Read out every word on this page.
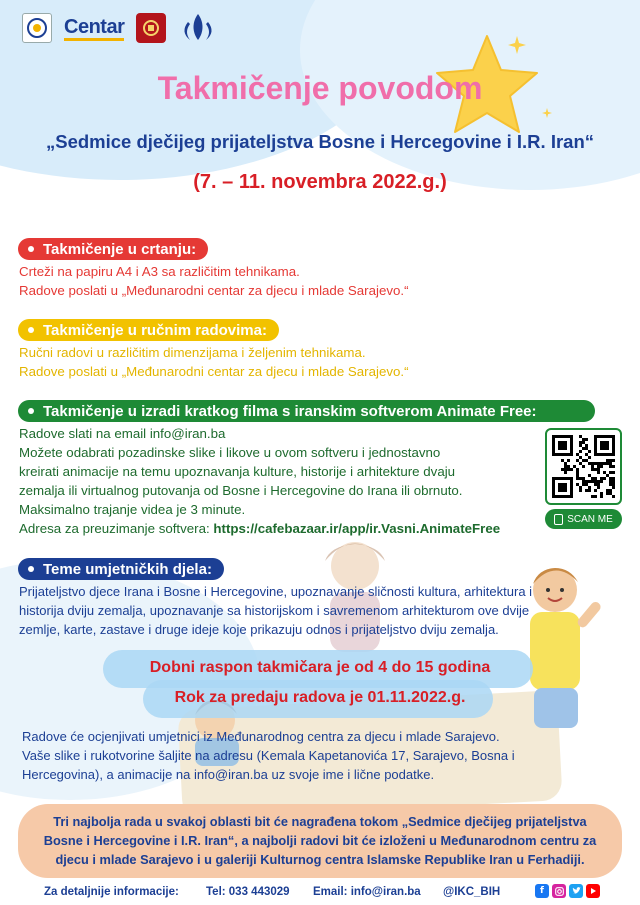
Centar
Takmičenje povodom
„Sedmice dječijeg prijateljstva Bosne i Hercegovine i I.R. Iran“
(7. – 11. novembra 2022.g.)
Takmičenje u crtanju:
Crteži na papiru A4 i A3 sa različitim tehnikama.
Radove poslati u „Međunarodni centar za djecu i mlade Sarajevo.“
Takmičenje u ručnim radovima:
Ručni radovi u različitim dimenzijama i željenim tehnikama.
Radove poslati u „Međunarodni centar za djecu i mlade Sarajevo.“
Takmičenje u izradi kratkog filma s iranskim softverom Animate Free:
Radove slati na email info@iran.ba
Možete odabrati pozadinske slike i likove u ovom softveru i jednostavno
kreirati animacije na temu upoznavanja kulture, historije i arhitekture dvaju
zemalja ili virtualnog putovanja od Bosne i Hercegovine do Irana ili obrnuto.
Maksimalno trajanje videa je 3 minute.
Adresa za preuzimanje softvera: https://cafebazaar.ir/app/ir.Vasni.AnimateFree
SCAN ME
Teme umjetničkih djela:
Prijateljstvo djece Irana i Bosne i Hercegovine, upoznavanje sličnosti kultura, arhitektura i
historija dviju zemalja, upoznavanje sa historijskom i savremenom arhitekturom ove dvije
zemlje, karte, zastave i druge ideje koje prikazuju odnos i prijateljstvo dviju zemalja.
Dobni raspon takmičara je od 4 do 15 godina
Rok za predaju radova je 01.11.2022.g.
Radove će ocjenjivati umjetnici iz Međunarodnog centra za djecu i mlade Sarajevo.
Vaše slike i rukotvorine šaljite na adresu (Kemala Kapetanovića 17, Sarajevo, Bosna i
Hercegovina), a animacije na info@iran.ba uz svoje ime i lične podatke.
Tri najbolja rada u svakoj oblasti bit će nagrađena tokom „Sedmice dječijeg prijateljstva
Bosne i Hercegovine i I.R. Iran“, a najbolji radovi bit će izloženi u Međunarodnom centru za
djecu i mlade Sarajevo i u galeriji Kulturnog centra Islamske Republike Iran u Ferhadiji.
Za detaljnije informacije: Tel: 033 443029 Email: info@iran.ba @IKC_BIH	f
